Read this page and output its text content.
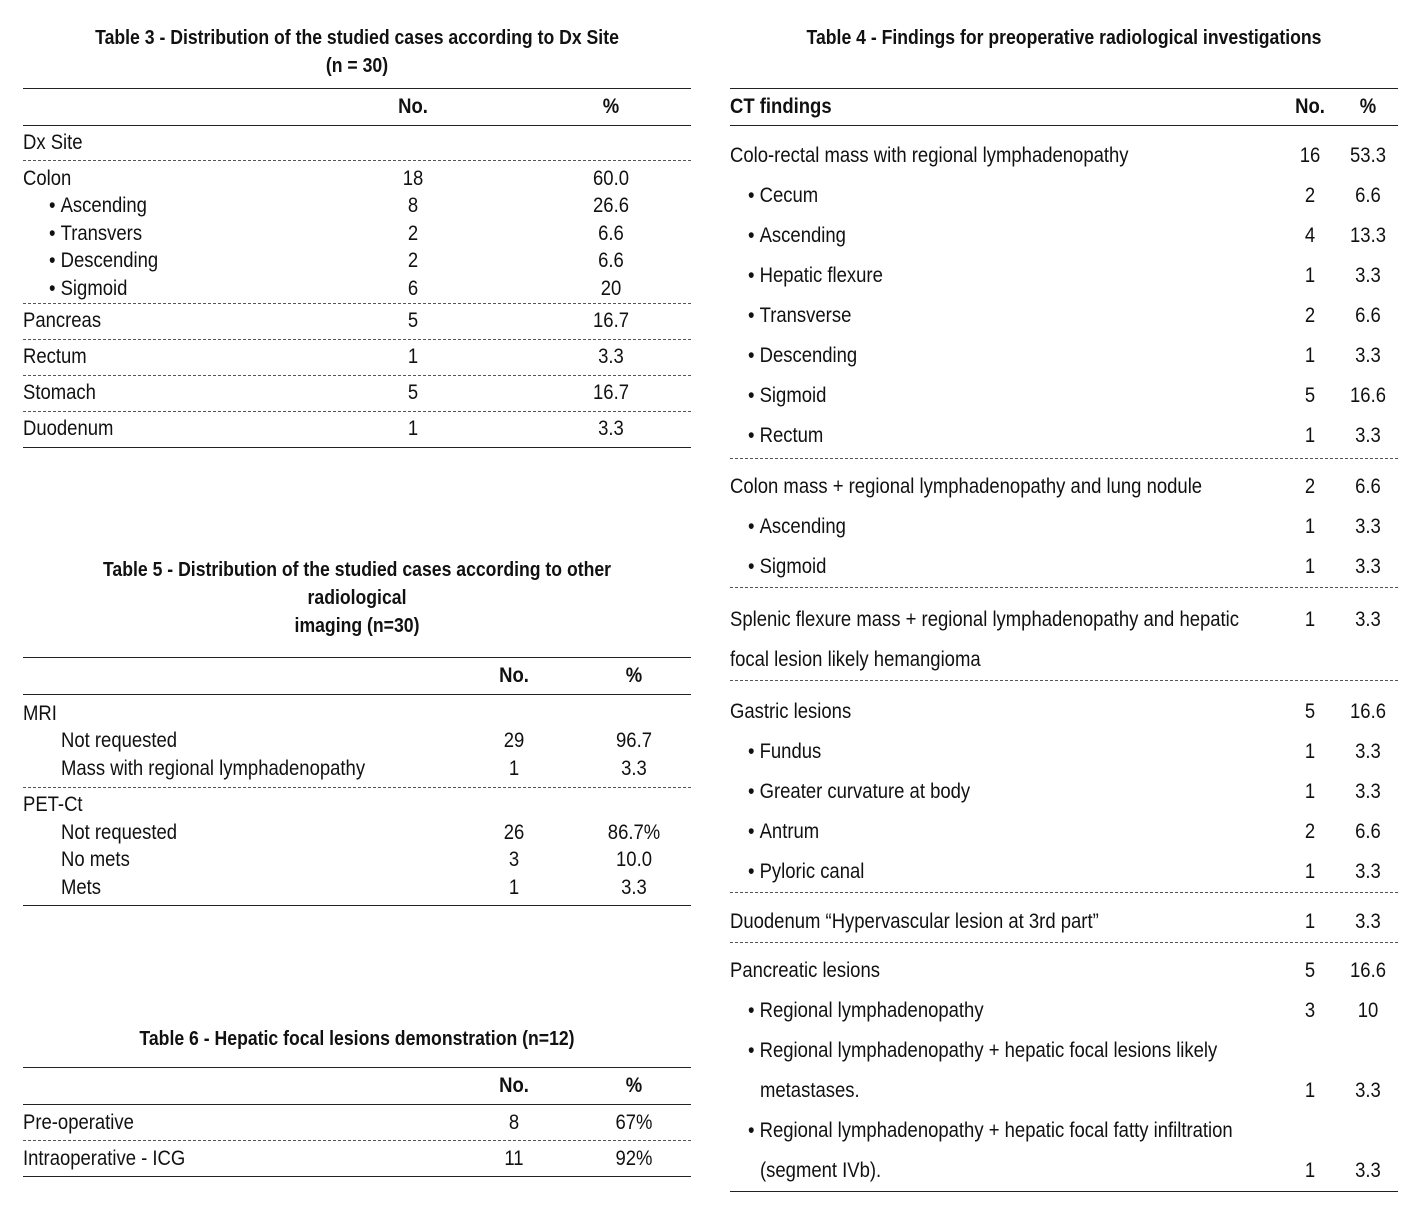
Table 3 - Distribution of the studied cases according to Dx Site
(n = 30)
No.	%
Dx Site
Colon	18	60.0
• Ascending	8	26.6
• Transvers	2	6.6
• Descending	2	6.6
• Sigmoid	6	20
Pancreas	5	16.7
Rectum	1	3.3
Stomach	5	16.7
Duodenum	1	3.3
Table 5 - Distribution of the studied cases according to other radiological
imaging (n=30)
No.	%
MRI
Not requested	29	96.7
Mass with regional lymphadenopathy	1	3.3
PET-Ct
Not requested	26	86.7%
No mets	3	10.0
Mets	1	3.3
Table 6 - Hepatic focal lesions demonstration (n=12)
No.	%
Pre-operative	8	67%
Intraoperative - ICG	11	92%
Table 4 - Findings for preoperative radiological investigations
CT findings	No.	%
Colo-rectal mass with regional lymphadenopathy	16	53.3
• Cecum	2	6.6
• Ascending	4	13.3
• Hepatic flexure	1	3.3
• Transverse	2	6.6
• Descending	1	3.3
• Sigmoid	5	16.6
• Rectum	1	3.3
Colon mass + regional lymphadenopathy and lung nodule	2	6.6
• Ascending	1	3.3
• Sigmoid	1	3.3
Splenic flexure mass + regional lymphadenopathy and hepatic	1	3.3
focal lesion likely hemangioma
Gastric lesions	5	16.6
• Fundus	1	3.3
• Greater curvature at body	1	3.3
• Antrum	2	6.6
• Pyloric canal	1	3.3
Duodenum “Hypervascular lesion at 3rd part”	1	3.3
Pancreatic lesions	5	16.6
• Regional lymphadenopathy	3	10
• Regional lymphadenopathy + hepatic focal lesions likely
metastases.	1	3.3
• Regional lymphadenopathy + hepatic focal fatty infiltration
(segment IVb).	1	3.3
